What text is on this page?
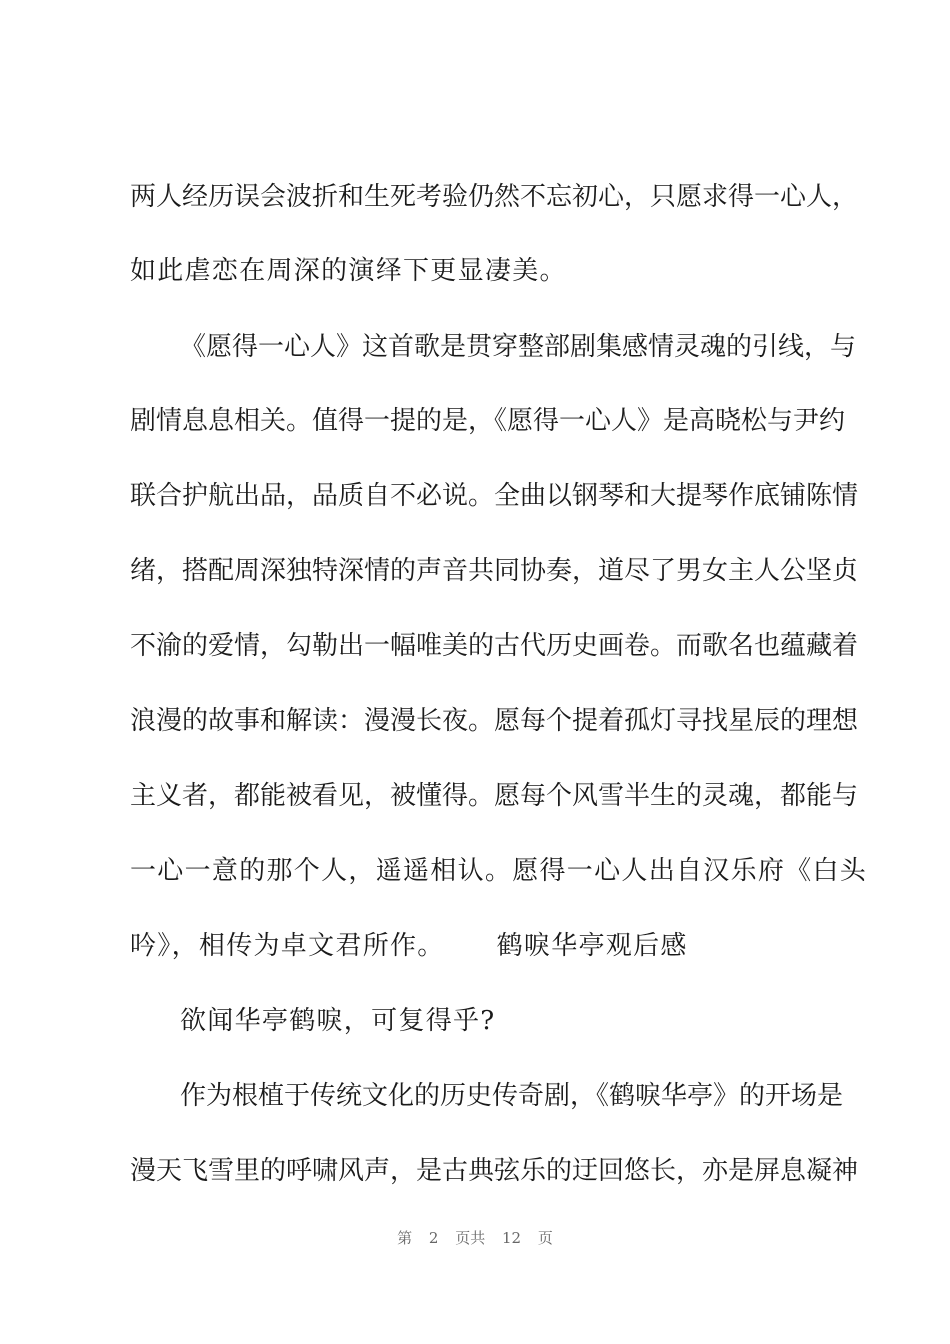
两人经历误会波折和生死考验仍然不忘初心，只愿求得一心人，
如此虐恋在周深的演绎下更显凄美。
《愿得一心人》这首歌是贯穿整部剧集感情灵魂的引线，与
剧情息息相关。值得一提的是，《愿得一心人》是高晓松与尹约
联合护航出品，品质自不必说。全曲以钢琴和大提琴作底铺陈情
绪，搭配周深独特深情的声音共同协奏，道尽了男女主人公坚贞
不渝的爱情，勾勒出一幅唯美的古代历史画卷。而歌名也蕴藏着
浪漫的故事和解读：漫漫长夜。愿每个提着孤灯寻找星辰的理想
主义者，都能被看见，被懂得。愿每个风雪半生的灵魂，都能与
一心一意的那个人，遥遥相认。愿得一心人出自汉乐府《白头
吟》，相传为卓文君所作。 鹤唳华亭观后感
欲闻华亭鹤唳，可复得乎?
作为根植于传统文化的历史传奇剧，《鹤唳华亭》的开场是
漫天飞雪里的呼啸风声，是古典弦乐的迂回悠长，亦是屏息凝神
第 2 页共 12 页
